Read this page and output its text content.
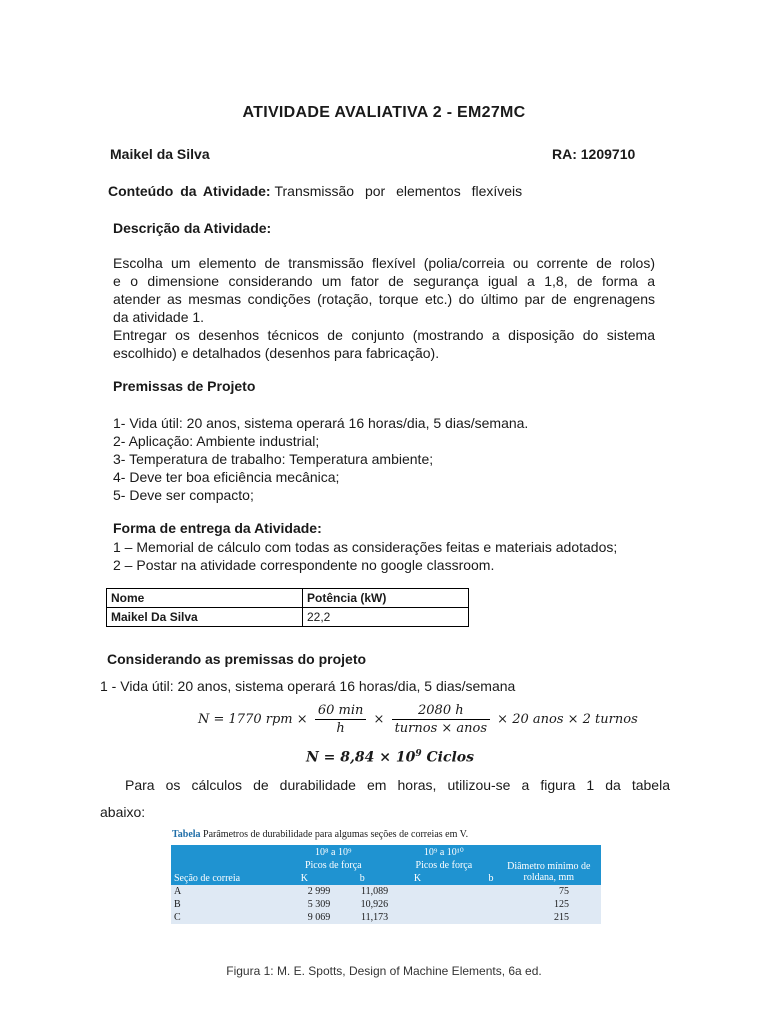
ATIVIDADE AVALIATIVA 2 - EM27MC
Maikel da Silva	RA: 1209710
Conteúdo da Atividade: Transmissão por elementos flexíveis
Descrição da Atividade:
Escolha um elemento de transmissão flexível (polia/correia ou corrente de rolos)
e o dimensione considerando um fator de segurança igual a 1,8, de forma a
atender as mesmas condições (rotação, torque etc.) do último par de engrenagens
da atividade 1.
Entregar os desenhos técnicos de conjunto (mostrando a disposição do sistema
escolhido) e detalhados (desenhos para fabricação).
Premissas de Projeto
1- Vida útil: 20 anos, sistema operará 16 horas/dia, 5 dias/semana.
2- Aplicação: Ambiente industrial;
3- Temperatura de trabalho: Temperatura ambiente;
4- Deve ter boa eficiência mecânica;
5- Deve ser compacto;
Forma de entrega da Atividade:
1 – Memorial de cálculo com todas as considerações feitas e materiais adotados;
2 – Postar na atividade correspondente no google classroom.
Nome	Potência (kW)
Maikel Da Silva	22,2
Considerando as premissas do projeto
1 - Vida útil: 20 anos, sistema operará 16 horas/dia, 5 dias/semana
N = 1770 rpm × $\frac{60 \min}{h} \times \frac{2080 h}{\text{turnos × anos}} \times 20$ anos × 2 turnos
$N = 8,84 \times 10^9$ Ciclos
Para os cálculos de durabilidade em horas, utilizou-se a figura 1 da tabela
abaixo:
Tabela Parâmetros de durabilidade para algumas seções de correias em V.
	10⁸ a 10⁹		10⁹ a 10¹⁰		
	Picos de força		Picos de força		Diâmetro mínimo de roldana, mm
Seção de correia	K	b	K	b	
A	2 999	11,089			75
B	5 309	10,926			125
C	9 069	11,173			215
Figura 1: M. E. Spotts, Design of Machine Elements, 6a ed.
